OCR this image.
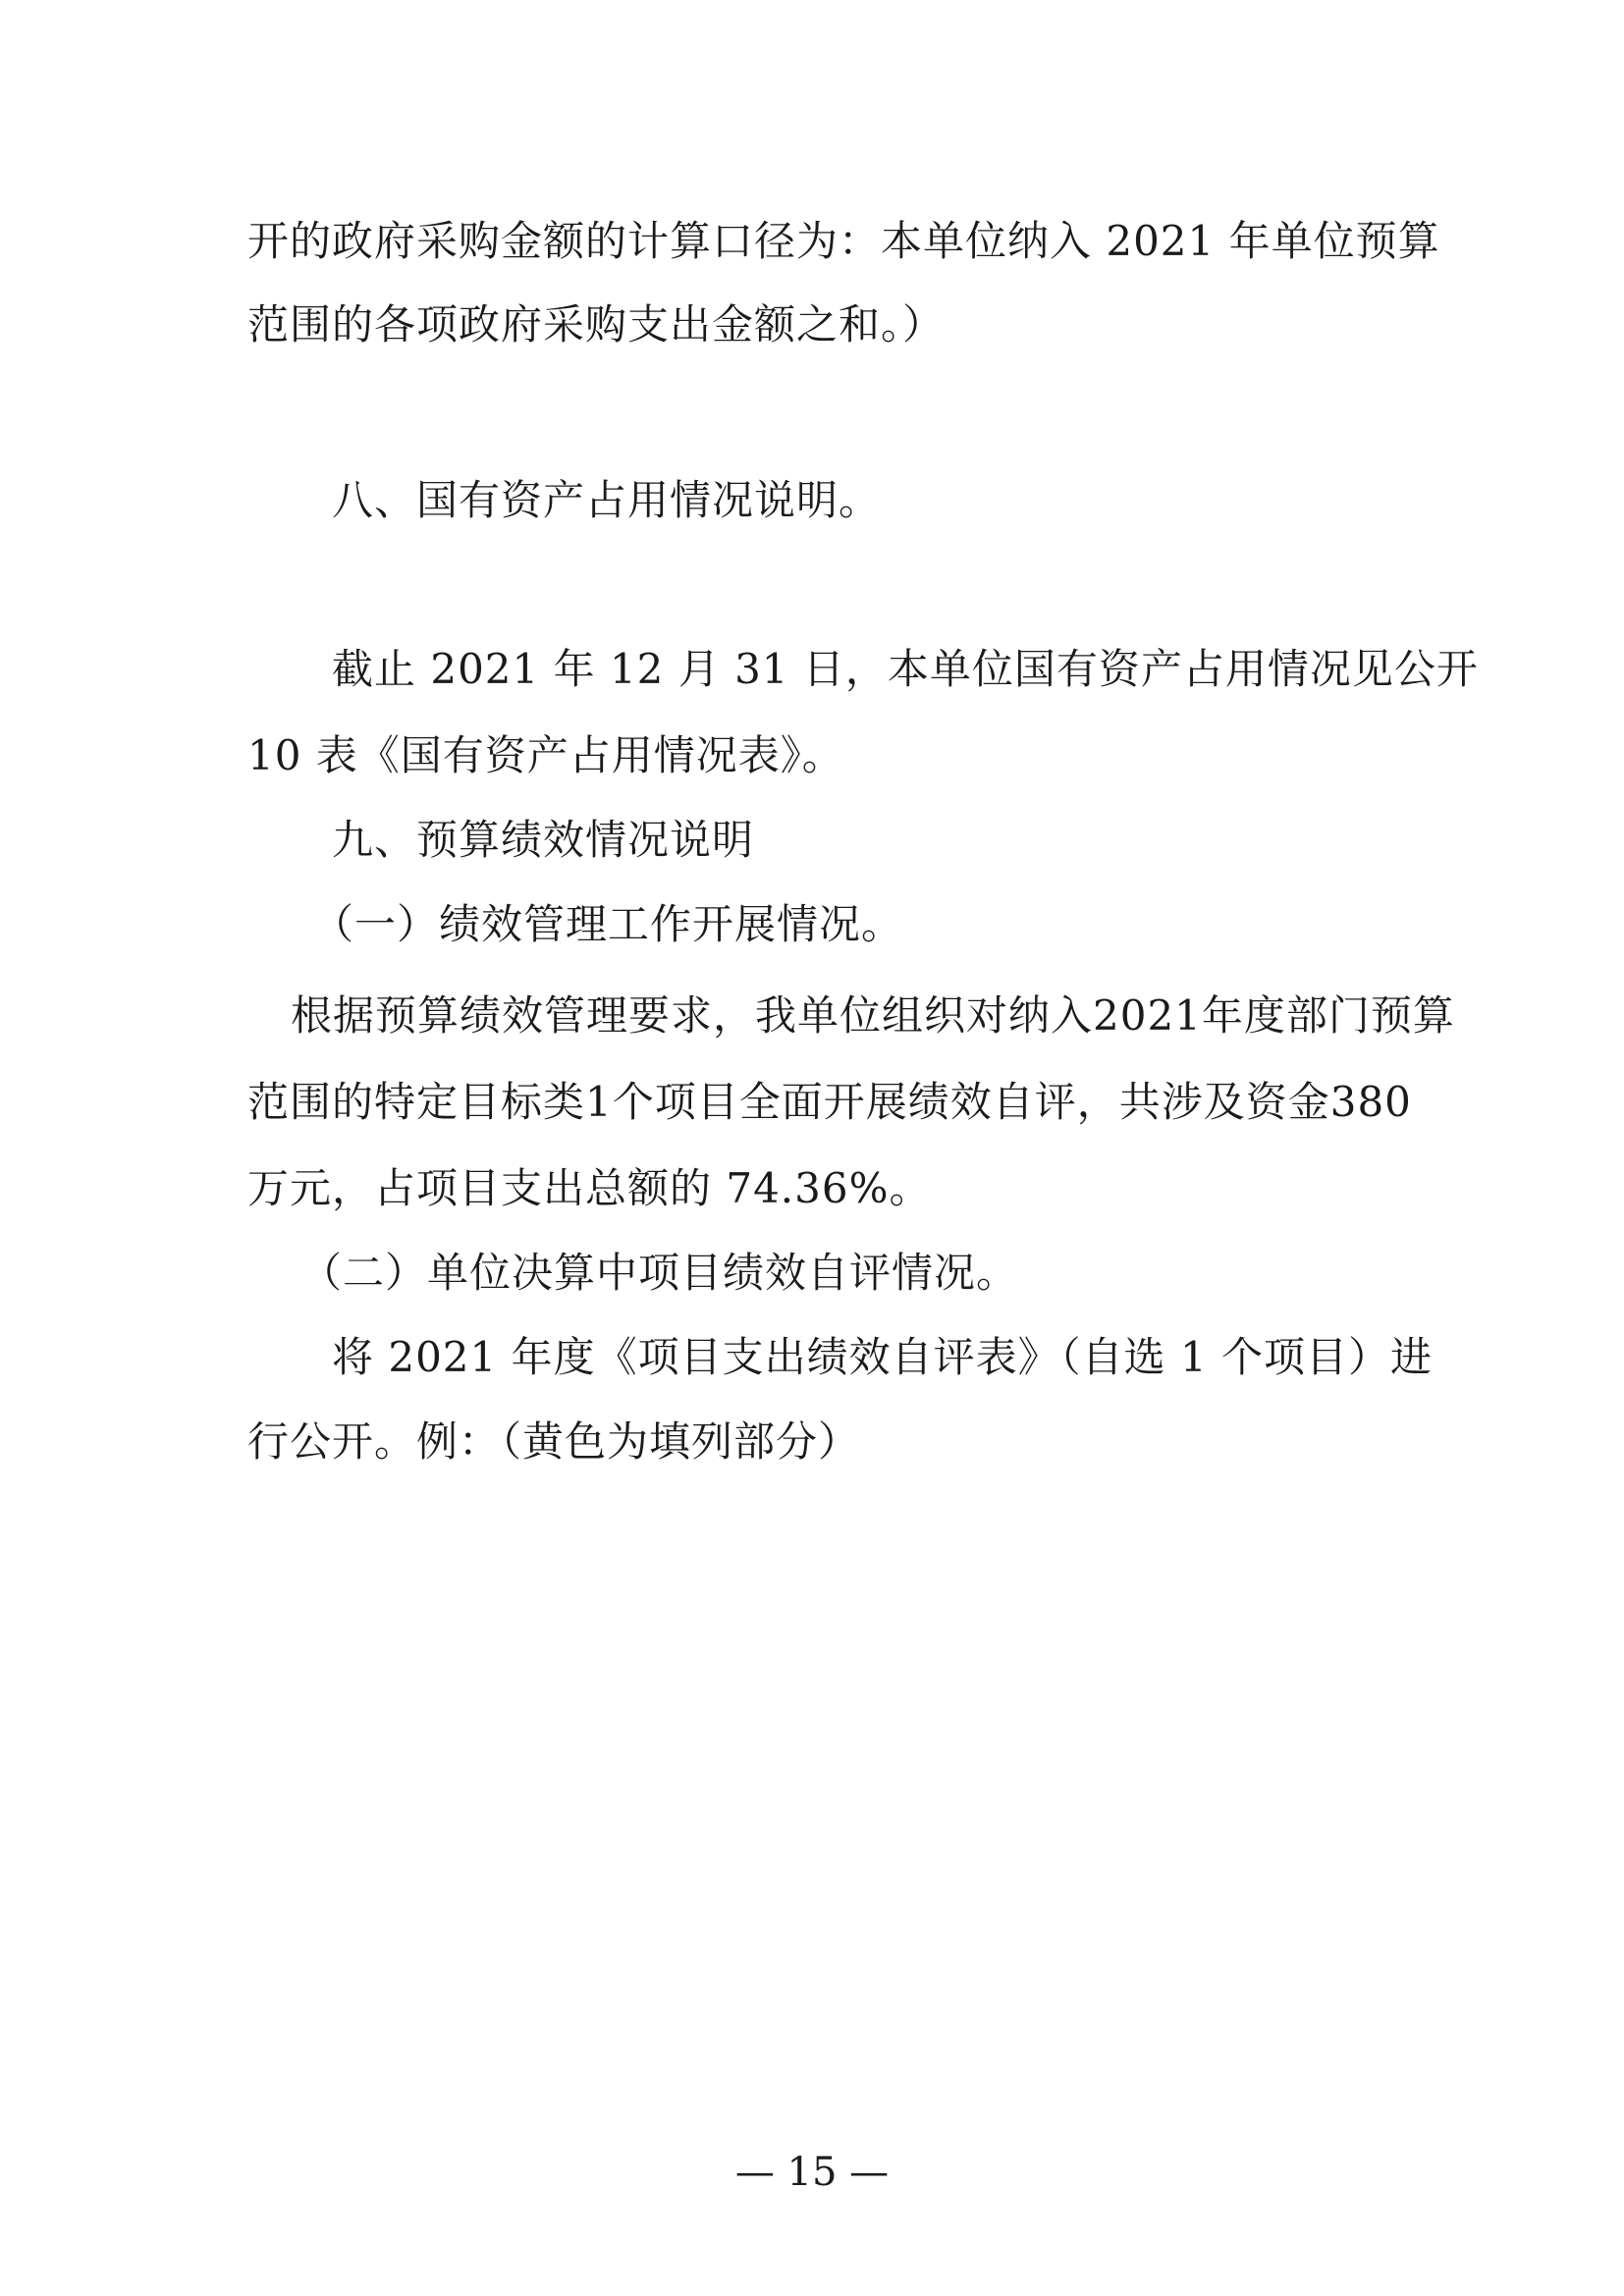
开的政府采购金额的计算口径为：本单位纳入 2021 年单位预算

范围的各项政府采购支出金额之和。）

八、国有资产占用情况说明。

截止 2021 年 12 月 31 日，本单位国有资产占用情况见公开

10 表《国有资产占用情况表》。

九、预算绩效情况说明

（一）绩效管理工作开展情况。

根据预算绩效管理要求，我单位组织对纳入2021年度部门预算

范围的特定目标类1个项目全面开展绩效自评，共涉及资金380

万元，占项目支出总额的 74.36%。

（二）单位决算中项目绩效自评情况。

将 2021 年度《项目支出绩效自评表》（自选 1 个项目）进

行公开。例：（黄色为填列部分）

— 15 —
